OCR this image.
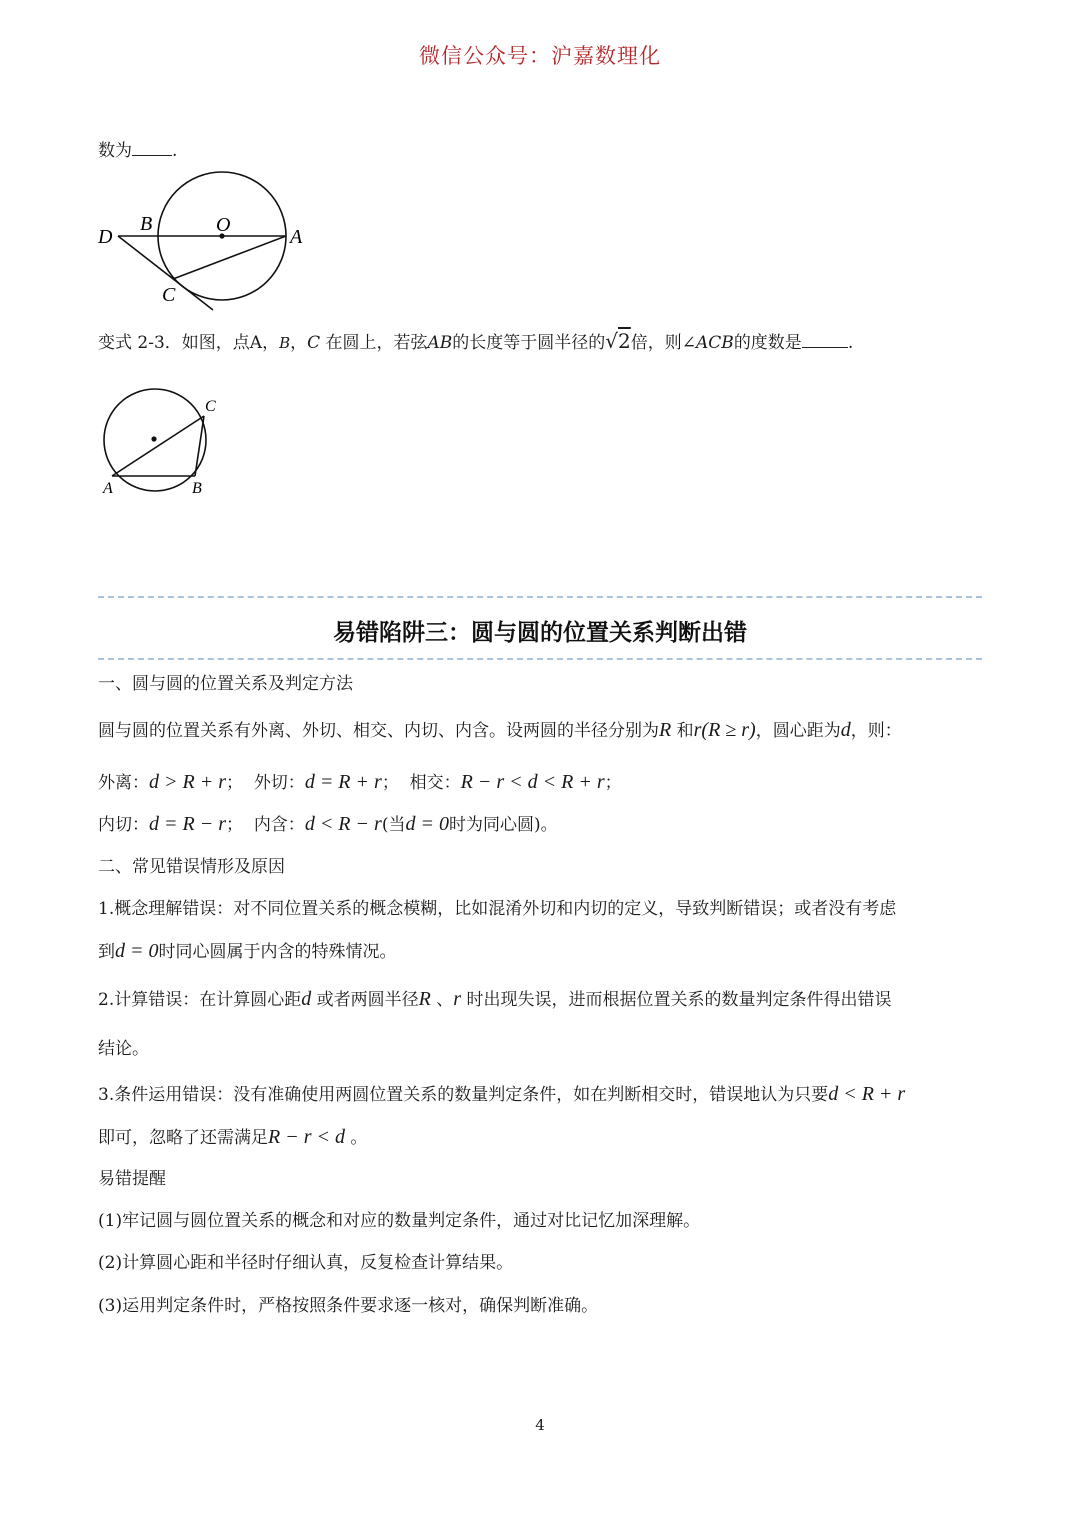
微信公众号：沪嘉数理化
数为 .
D
B	O
A
C
变式 2-3．如图，点A，B，C 在圆上，若弦AB的长度等于圆半径的√2倍，则∠ACB的度数是	.
C
A	B
易错陷阱三：圆与圆的位置关系判断出错
一、圆与圆的位置关系及判定方法
圆与圆的位置关系有外离、外切、相交、内切、内含。设两圆的半径分别为R 和r(R ≥ r)，圆心距为d，则：
外离：d > R + r； 外切：d = R + r； 相交：R − r < d < R + r；
内切：d = R − r； 内含：d < R − r(当d = 0时为同心圆)。
二、常见错误情形及原因
1.概念理解错误：对不同位置关系的概念模糊，比如混淆外切和内切的定义，导致判断错误；或者没有考虑
到d = 0时同心圆属于内含的特殊情况。
2.计算错误：在计算圆心距d 或者两圆半径R 、r 时出现失误，进而根据位置关系的数量判定条件得出错误
结论。
3.条件运用错误：没有准确使用两圆位置关系的数量判定条件，如在判断相交时，错误地认为只要d < R + r
即可，忽略了还需满足R − r < d 。
易错提醒
(1)牢记圆与圆位置关系的概念和对应的数量判定条件，通过对比记忆加深理解。
(2)计算圆心距和半径时仔细认真，反复检查计算结果。
(3)运用判定条件时，严格按照条件要求逐一核对，确保判断准确。
4
